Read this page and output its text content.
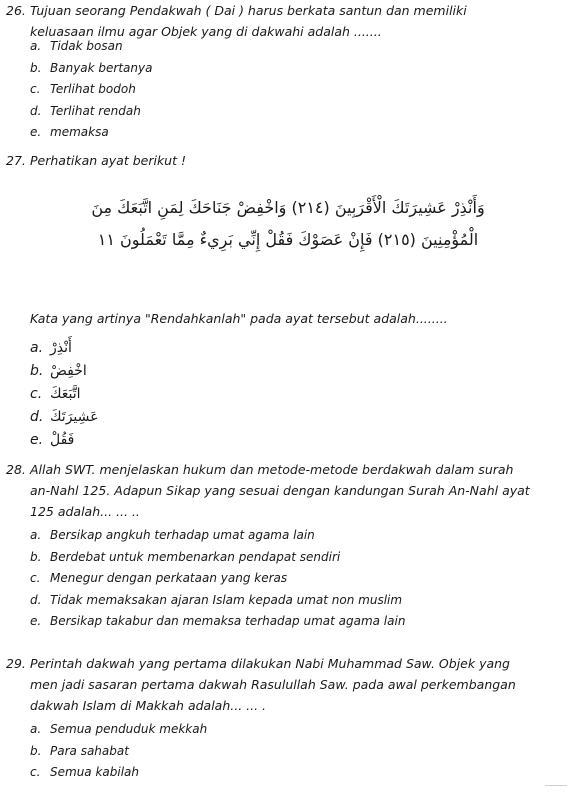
26. Tujuan seorang Pendakwah ( Dai ) harus berkata santun dan memiliki
keluasaan ilmu agar Objek yang di dakwahi adalah .......
a. Tidak bosan
b. Banyak bertanya
c. Terlihat bodoh
d. Terlihat rendah
e. memaksa
27. Perhatikan ayat berikut !
وَأَنْذِرْ عَشِيرَتَكَ الْأَقْرَبِينَ (٢١٤) وَاخْفِضْ جَنَاحَكَ لِمَنِ اتَّبَعَكَ مِنَ
الْمُؤْمِنِينَ (٢١٥) فَإِنْ عَصَوْكَ فَقُلْ إِنِّي بَرِيءٌ مِمَّا تَعْمَلُونَ ۱۱
Kata yang artinya "Rendahkanlah" pada ayat tersebut adalah........
a. أَنْذِرْ
b. اخْفِضْ
c. اتَّبَعَكَ
d. عَشِيرَتَكَ
e. فَقُلْ
28. Allah SWT. menjelaskan hukum dan metode-metode berdakwah dalam surah
an-Nahl 125. Adapun Sikap yang sesuai dengan kandungan Surah An-Nahl ayat
125 adalah... ... ..
a. Bersikap angkuh terhadap umat agama lain
b. Berdebat untuk membenarkan pendapat sendiri
c. Menegur dengan perkataan yang keras
d. Tidak memaksakan ajaran Islam kepada umat non muslim
e. Bersikap takabur dan memaksa terhadap umat agama lain
29. Perintah dakwah yang pertama dilakukan Nabi Muhammad Saw. Objek yang
men jadi sasaran pertama dakwah Rasulullah Saw. pada awal perkembangan
dakwah Islam di Makkah adalah... ... .
a. Semua penduduk mekkah
b. Para sahabat
c. Semua kabilah
